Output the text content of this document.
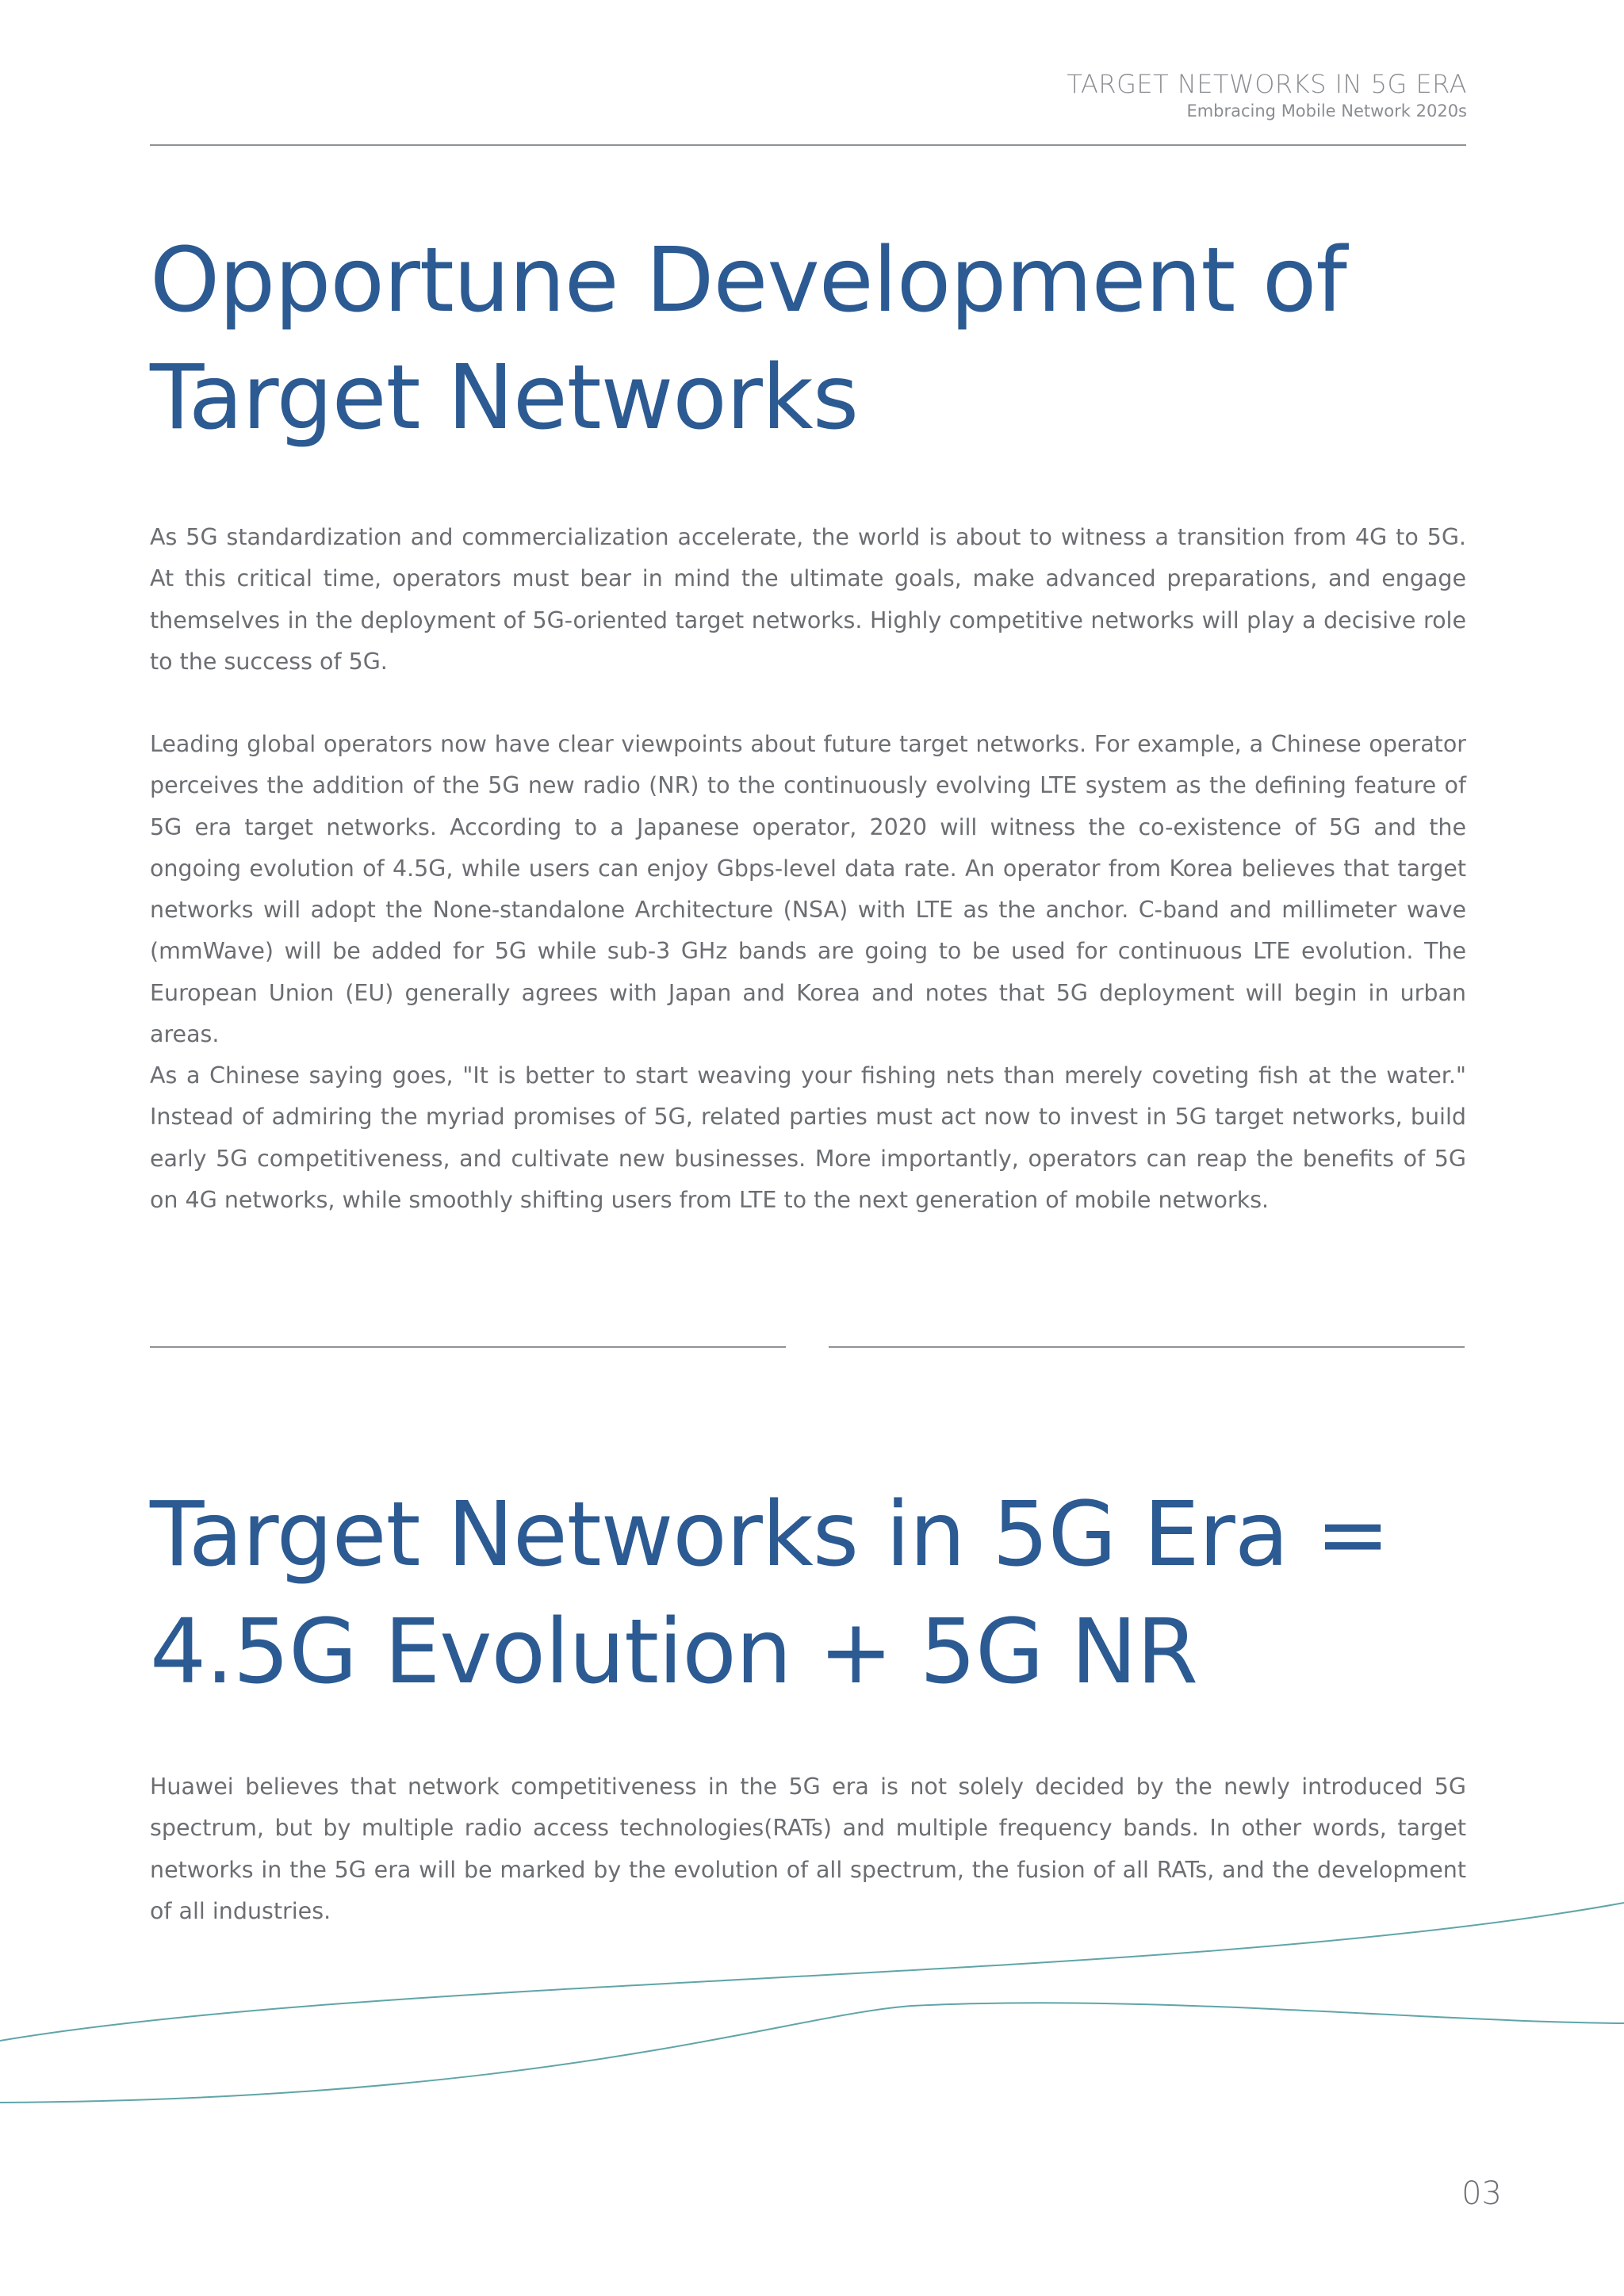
TARGET NETWORKS IN 5G ERA
Embracing Mobile Network 2020s
Opportune Development of
Target Networks

As 5G standardization and commercialization accelerate, the world is about to witness a transition from 4G to 5G. At this critical time, operators must bear in mind the ultimate goals, make advanced preparations, and engage themselves in the deployment of 5G-oriented target networks. Highly competitive networks will play a decisive role to the success of 5G.

Leading global operators now have clear viewpoints about future target networks. For example, a Chinese operator perceives the addition of the 5G new radio (NR) to the continuously evolving LTE system as the defining feature of 5G era target networks. According to a Japanese operator, 2020 will witness the co-existence of 5G and the ongoing evolution of 4.5G, while users can enjoy Gbps-level data rate. An operator from Korea believes that target networks will adopt the None-standalone Architecture (NSA) with LTE as the anchor. C-band and millimeter wave (mmWave) will be added for 5G while sub-3 GHz bands are going to be used for continuous LTE evolution. The European Union (EU) generally agrees with Japan and Korea and notes that 5G deployment will begin in urban areas.

As a Chinese saying goes, "It is better to start weaving your fishing nets than merely coveting fish at the water." Instead of admiring the myriad promises of 5G, related parties must act now to invest in 5G target networks, build early 5G competitiveness, and cultivate new businesses. More importantly, operators can reap the benefits of 5G on 4G networks, while smoothly shifting users from LTE to the next generation of mobile networks.

Target Networks in 5G Era =
4.5G Evolution + 5G NR

Huawei believes that network competitiveness in the 5G era is not solely decided by the newly introduced 5G spectrum, but by multiple radio access technologies(RATs) and multiple frequency bands. In other words, target networks in the 5G era will be marked by the evolution of all spectrum, the fusion of all RATs, and the development of all industries.

03
